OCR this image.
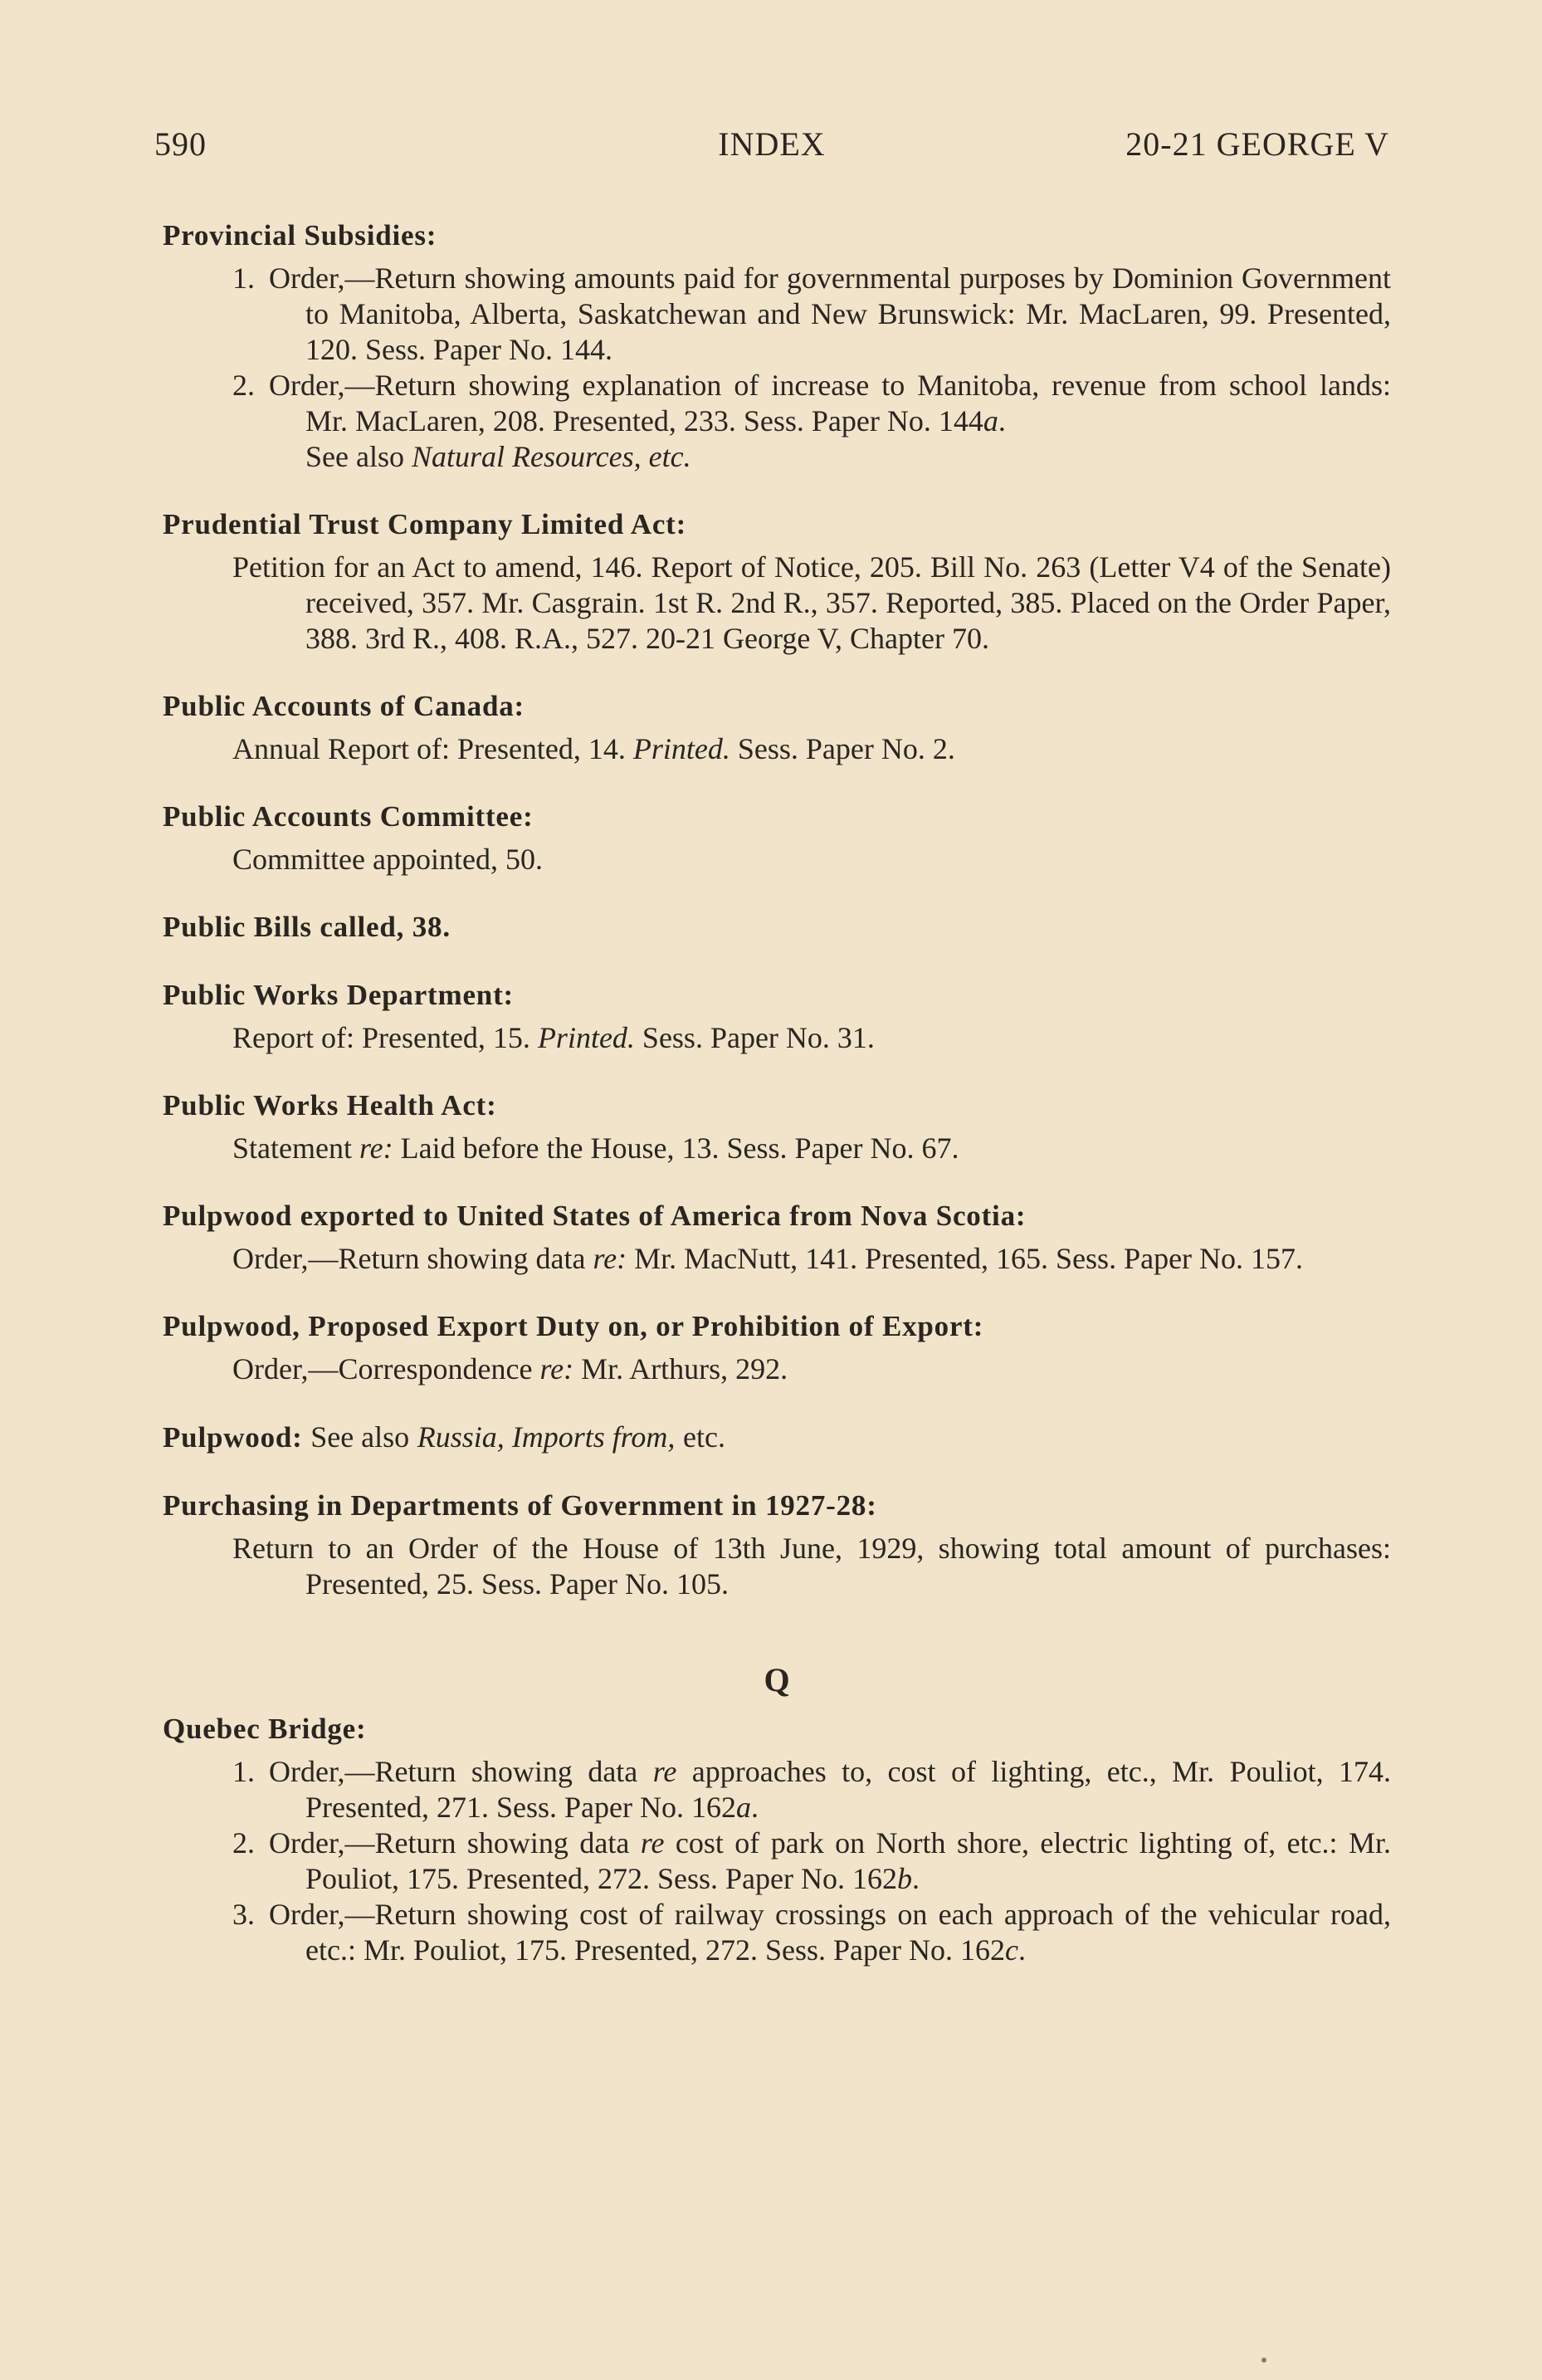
590	INDEX	20-21 GEORGE V

Provincial Subsidies:

1. Order,—Return showing amounts paid for governmental purposes by Dominion Government to Manitoba, Alberta, Saskatchewan and New Brunswick: Mr. MacLaren, 99. Presented, 120. Sess. Paper No. 144.

2. Order,—Return showing explanation of increase to Manitoba, revenue from school lands: Mr. MacLaren, 208. Presented, 233. Sess. Paper No. 144a.

See also Natural Resources, etc.

Prudential Trust Company Limited Act:

Petition for an Act to amend, 146. Report of Notice, 205. Bill No. 263 (Letter V4 of the Senate) received, 357. Mr. Casgrain. 1st R. 2nd R., 357. Reported, 385. Placed on the Order Paper, 388. 3rd R., 408. R.A., 527. 20-21 George V, Chapter 70.

Public Accounts of Canada:

Annual Report of: Presented, 14. Printed. Sess. Paper No. 2.

Public Accounts Committee:

Committee appointed, 50.

Public Bills called, 38.

Public Works Department:

Report of: Presented, 15. Printed. Sess. Paper No. 31.

Public Works Health Act:

Statement re: Laid before the House, 13. Sess. Paper No. 67.

Pulpwood exported to United States of America from Nova Scotia:

Order,—Return showing data re: Mr. MacNutt, 141. Presented, 165. Sess. Paper No. 157.

Pulpwood, Proposed Export Duty on, or Prohibition of Export:

Order,—Correspondence re: Mr. Arthurs, 292.

Pulpwood: See also Russia, Imports from, etc.

Purchasing in Departments of Government in 1927-28:

Return to an Order of the House of 13th June, 1929, showing total amount of purchases: Presented, 25. Sess. Paper No. 105.

Q

Quebec Bridge:

1. Order,—Return showing data re approaches to, cost of lighting, etc., Mr. Pouliot, 174. Presented, 271. Sess. Paper No. 162a.

2. Order,—Return showing data re cost of park on North shore, electric lighting of, etc.: Mr. Pouliot, 175. Presented, 272. Sess. Paper No. 162b.

3. Order,—Return showing cost of railway crossings on each approach of the vehicular road, etc.: Mr. Pouliot, 175. Presented, 272. Sess. Paper No. 162c.
